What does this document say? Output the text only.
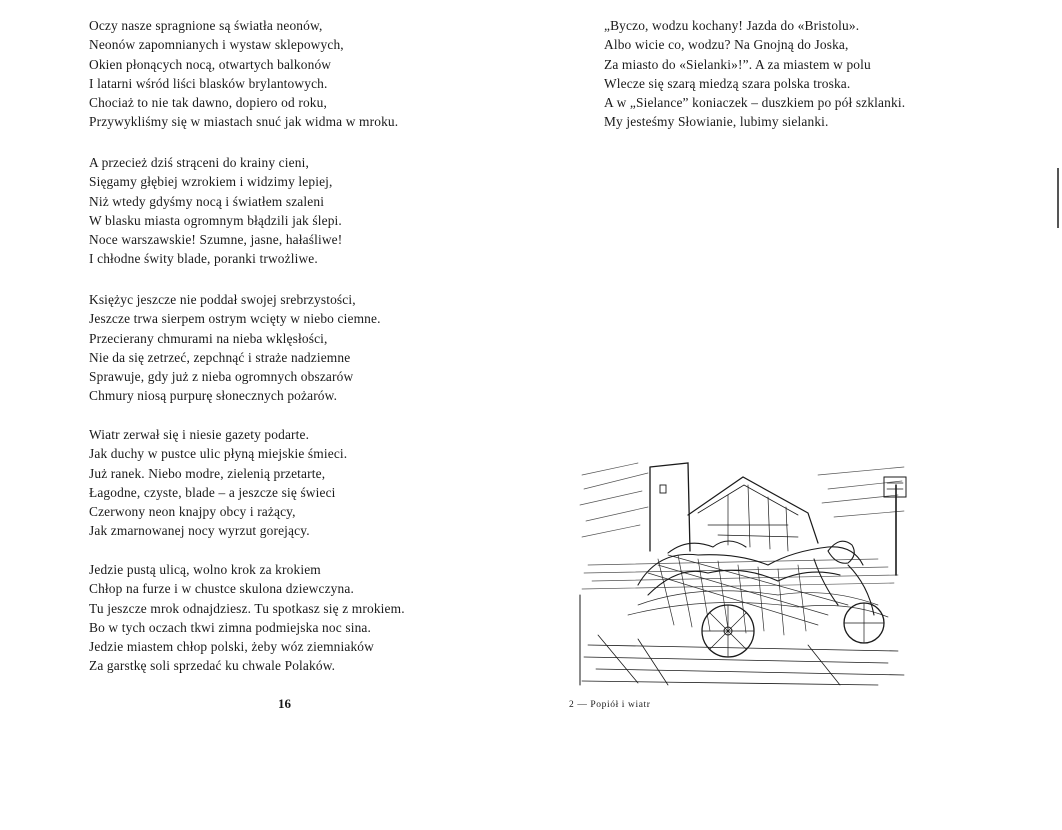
Oczy nasze spragnione są światła neonów,
Neonów zapomnianych i wystaw sklepowych,
Okien płonących nocą, otwartych balkonów
I latarni wśród liści blasków brylantowych.
Chociaż to nie tak dawno, dopiero od roku,
Przywykliśmy się w miastach snuć jak widma w mroku.
A przecież dziś strąceni do krainy cieni,
Sięgamy głębiej wzrokiem i widzimy lepiej,
Niż wtedy gdyśmy nocą i światłem szaleni
W blasku miasta ogromnym błądzili jak ślepi.
Noce warszawskie! Szumne, jasne, hałaśliwe!
I chłodne świty blade, poranki trwożliwe.
Księżyc jeszcze nie poddał swojej srebrzystości,
Jeszcze trwa sierpem ostrym wcięty w niebo ciemne.
Przecierany chmurami na nieba wklęsłości,
Nie da się zetrzeć, zepchnąć i straże nadziemne
Sprawuje, gdy już z nieba ogromnych obszarów
Chmury niosą purpurę słonecznych pożarów.
Wiatr zerwał się i niesie gazety podarte.
Jak duchy w pustce ulic płyną miejskie śmieci.
Już ranek. Niebo modre, zielenią przetarte,
Łagodne, czyste, blade – a jeszcze się świeci
Czerwony neon knajpy obcy i rażący,
Jak zmarnowanej nocy wyrzut gorejący.
Jedzie pustą ulicą, wolno krok za krokiem
Chłop na furze i w chustce skulona dziewczyna.
Tu jeszcze mrok odnajdziesz. Tu spotkasz się z mrokiem.
Bo w tych oczach tkwi zimna podmiejska noc sina.
Jedzie miastem chłop polski, żeby wóz ziemniaków
Za garstkę soli sprzedać ku chwale Polaków.
16
„Byczo, wodzu kochany! Jazda do «Bristolu».
Albo wicie co, wodzu? Na Gnojną do Joska,
Za miasto do «Sielanki»!”. A za miastem w polu
Wlecze się szarą miedzą szara polska troska.
A w „Sielance” koniaczek – duszkiem po pół szklanki.
My jesteśmy Słowianie, lubimy sielanki.
2 — Popiół i wiatr
